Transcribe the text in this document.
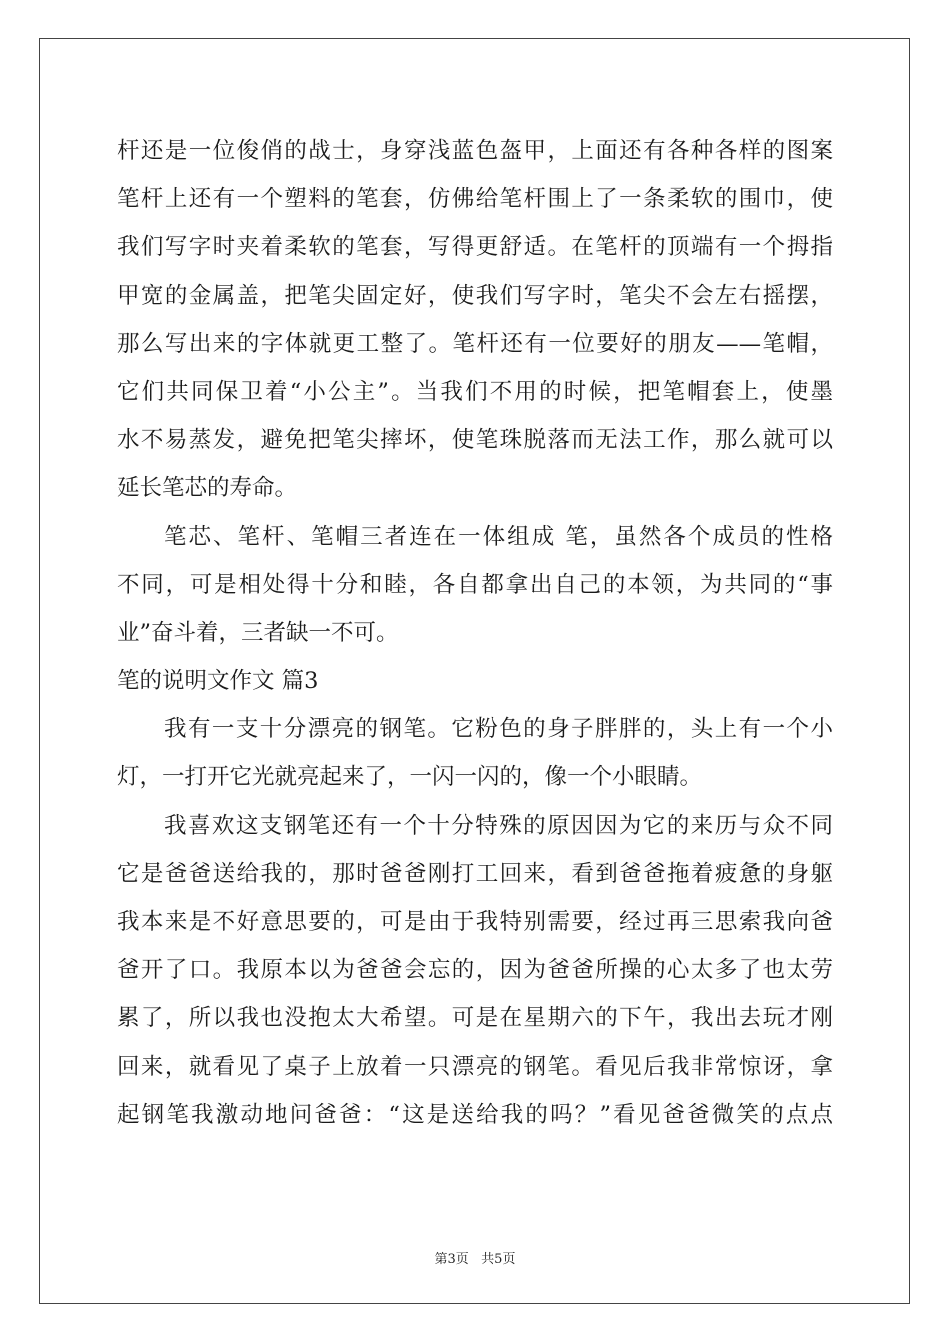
杆还是一位俊俏的战士，身穿浅蓝色盔甲，上面还有各种各样的图案
笔杆上还有一个塑料的笔套，仿佛给笔杆围上了一条柔软的围巾，使
我们写字时夹着柔软的笔套，写得更舒适。在笔杆的顶端有一个拇指
甲宽的金属盖，把笔尖固定好，使我们写字时，笔尖不会左右摇摆，
那么写出来的字体就更工整了。笔杆还有一位要好的朋友——笔帽，
它们共同保卫着“小公主”。当我们不用的时候，把笔帽套上，使墨
水不易蒸发，避免把笔尖摔坏，使笔珠脱落而无法工作，那么就可以
延长笔芯的寿命。
笔芯、笔杆、笔帽三者连在一体组成 笔，虽然各个成员的性格
不同，可是相处得十分和睦，各自都拿出自己的本领，为共同的“事
业”奋斗着，三者缺一不可。
笔的说明文作文 篇3
我有一支十分漂亮的钢笔。它粉色的身子胖胖的，头上有一个小
灯，一打开它光就亮起来了，一闪一闪的，像一个小眼睛。
我喜欢这支钢笔还有一个十分特殊的原因因为它的来历与众不同
它是爸爸送给我的，那时爸爸刚打工回来，看到爸爸拖着疲惫的身躯
我本来是不好意思要的，可是由于我特别需要，经过再三思索我向爸
爸开了口。我原本以为爸爸会忘的，因为爸爸所操的心太多了也太劳
累了，所以我也没抱太大希望。可是在星期六的下午，我出去玩才刚
回来，就看见了桌子上放着一只漂亮的钢笔。看见后我非常惊讶，拿
起钢笔我激动地问爸爸：“这是送给我的吗？”看见爸爸微笑的点点
第3页   共5页
